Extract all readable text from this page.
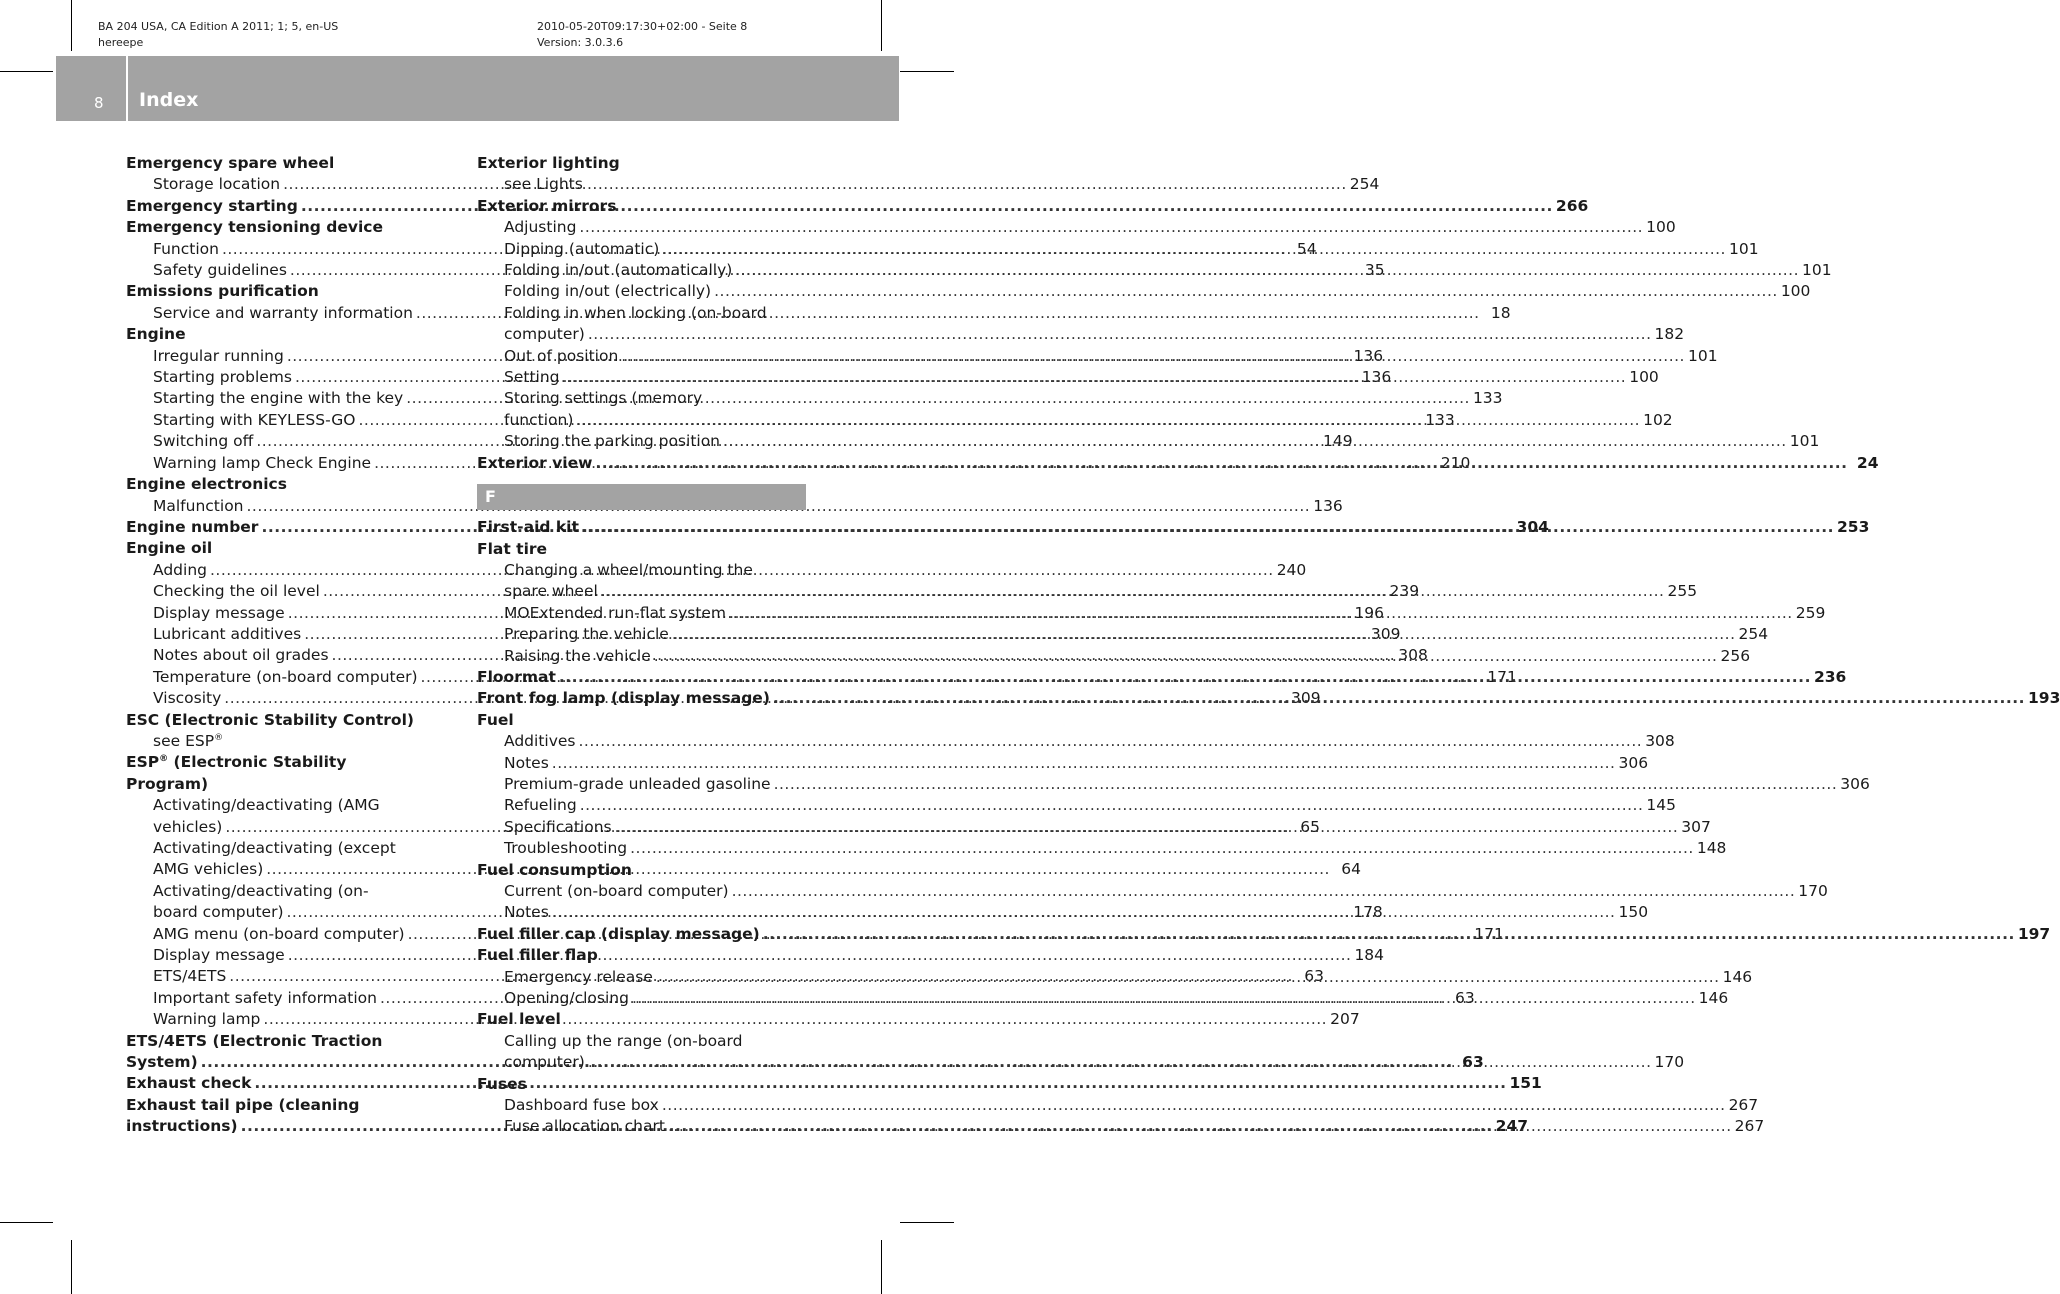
BA 204 USA, CA Edition A 2011; 1; 5, en-US
hereepe
2010-05-20T09:17:30+02:00 - Seite 8
Version: 3.0.3.6
8 Index
Emergency spare wheel
Storage location .....	254
Emergency starting .....	266
Emergency tensioning device
Function .....	54
Safety guidelines .....	35
Emissions purification
Service and warranty information .....	18
Engine
Irregular running .....	136
Starting problems .....	136
Starting the engine with the key .....	133
Starting with KEYLESS-GO .....	133
Switching off .....	149
Warning lamp Check Engine .....	210
Engine electronics
Malfunction .....	136
Engine number .....	304
Engine oil
Adding .....	240
Checking the oil level .....	239
Display message .....	196
Lubricant additives .....	309
Notes about oil grades .....	308
Temperature (on-board computer) .....	171
Viscosity .....	309
ESC (Electronic Stability Control)
see ESP®
ESP® (Electronic Stability
Program)
Activating/deactivating (AMG
vehicles) .....	65
Activating/deactivating (except
AMG vehicles) .....	64
Activating/deactivating (on-
board computer) .....	178
AMG menu (on-board computer) .....	171
Display message .....	184
ETS/4ETS .....	63
Important safety information .....	63
Warning lamp .....	207
ETS/4ETS (Electronic Traction
System) .....	63
Exhaust check .....	151
Exhaust tail pipe (cleaning
instructions) .....	247
Exterior lighting
see Lights
Exterior mirrors
Adjusting .....	100
Dipping (automatic) .....	101
Folding in/out (automatically) .....	101
Folding in/out (electrically) .....	100
Folding in when locking (on-board
computer) .....	182
Out of position .....	101
Setting .....	100
Storing settings (memory
function) .....	102
Storing the parking position .....	101
Exterior view .....	24
F
First-aid kit .....	253
Flat tire
Changing a wheel/mounting the
spare wheel .....	255
MOExtended run-flat system .....	259
Preparing the vehicle .....	254
Raising the vehicle .....	256
Floormat .....	236
Front fog lamp (display message) .....	193
Fuel
Additives .....	308
Notes .....	306
Premium-grade unleaded gasoline .....	306
Refueling .....	145
Specifications .....	307
Troubleshooting .....	148
Fuel consumption
Current (on-board computer) .....	170
Notes .....	150
Fuel filler cap (display message) .....	197
Fuel filler flap
Emergency release .....	146
Opening/closing .....	146
Fuel level
Calling up the range (on-board
computer) .....	170
Fuses
Dashboard fuse box .....	267
Fuse allocation chart .....	267
